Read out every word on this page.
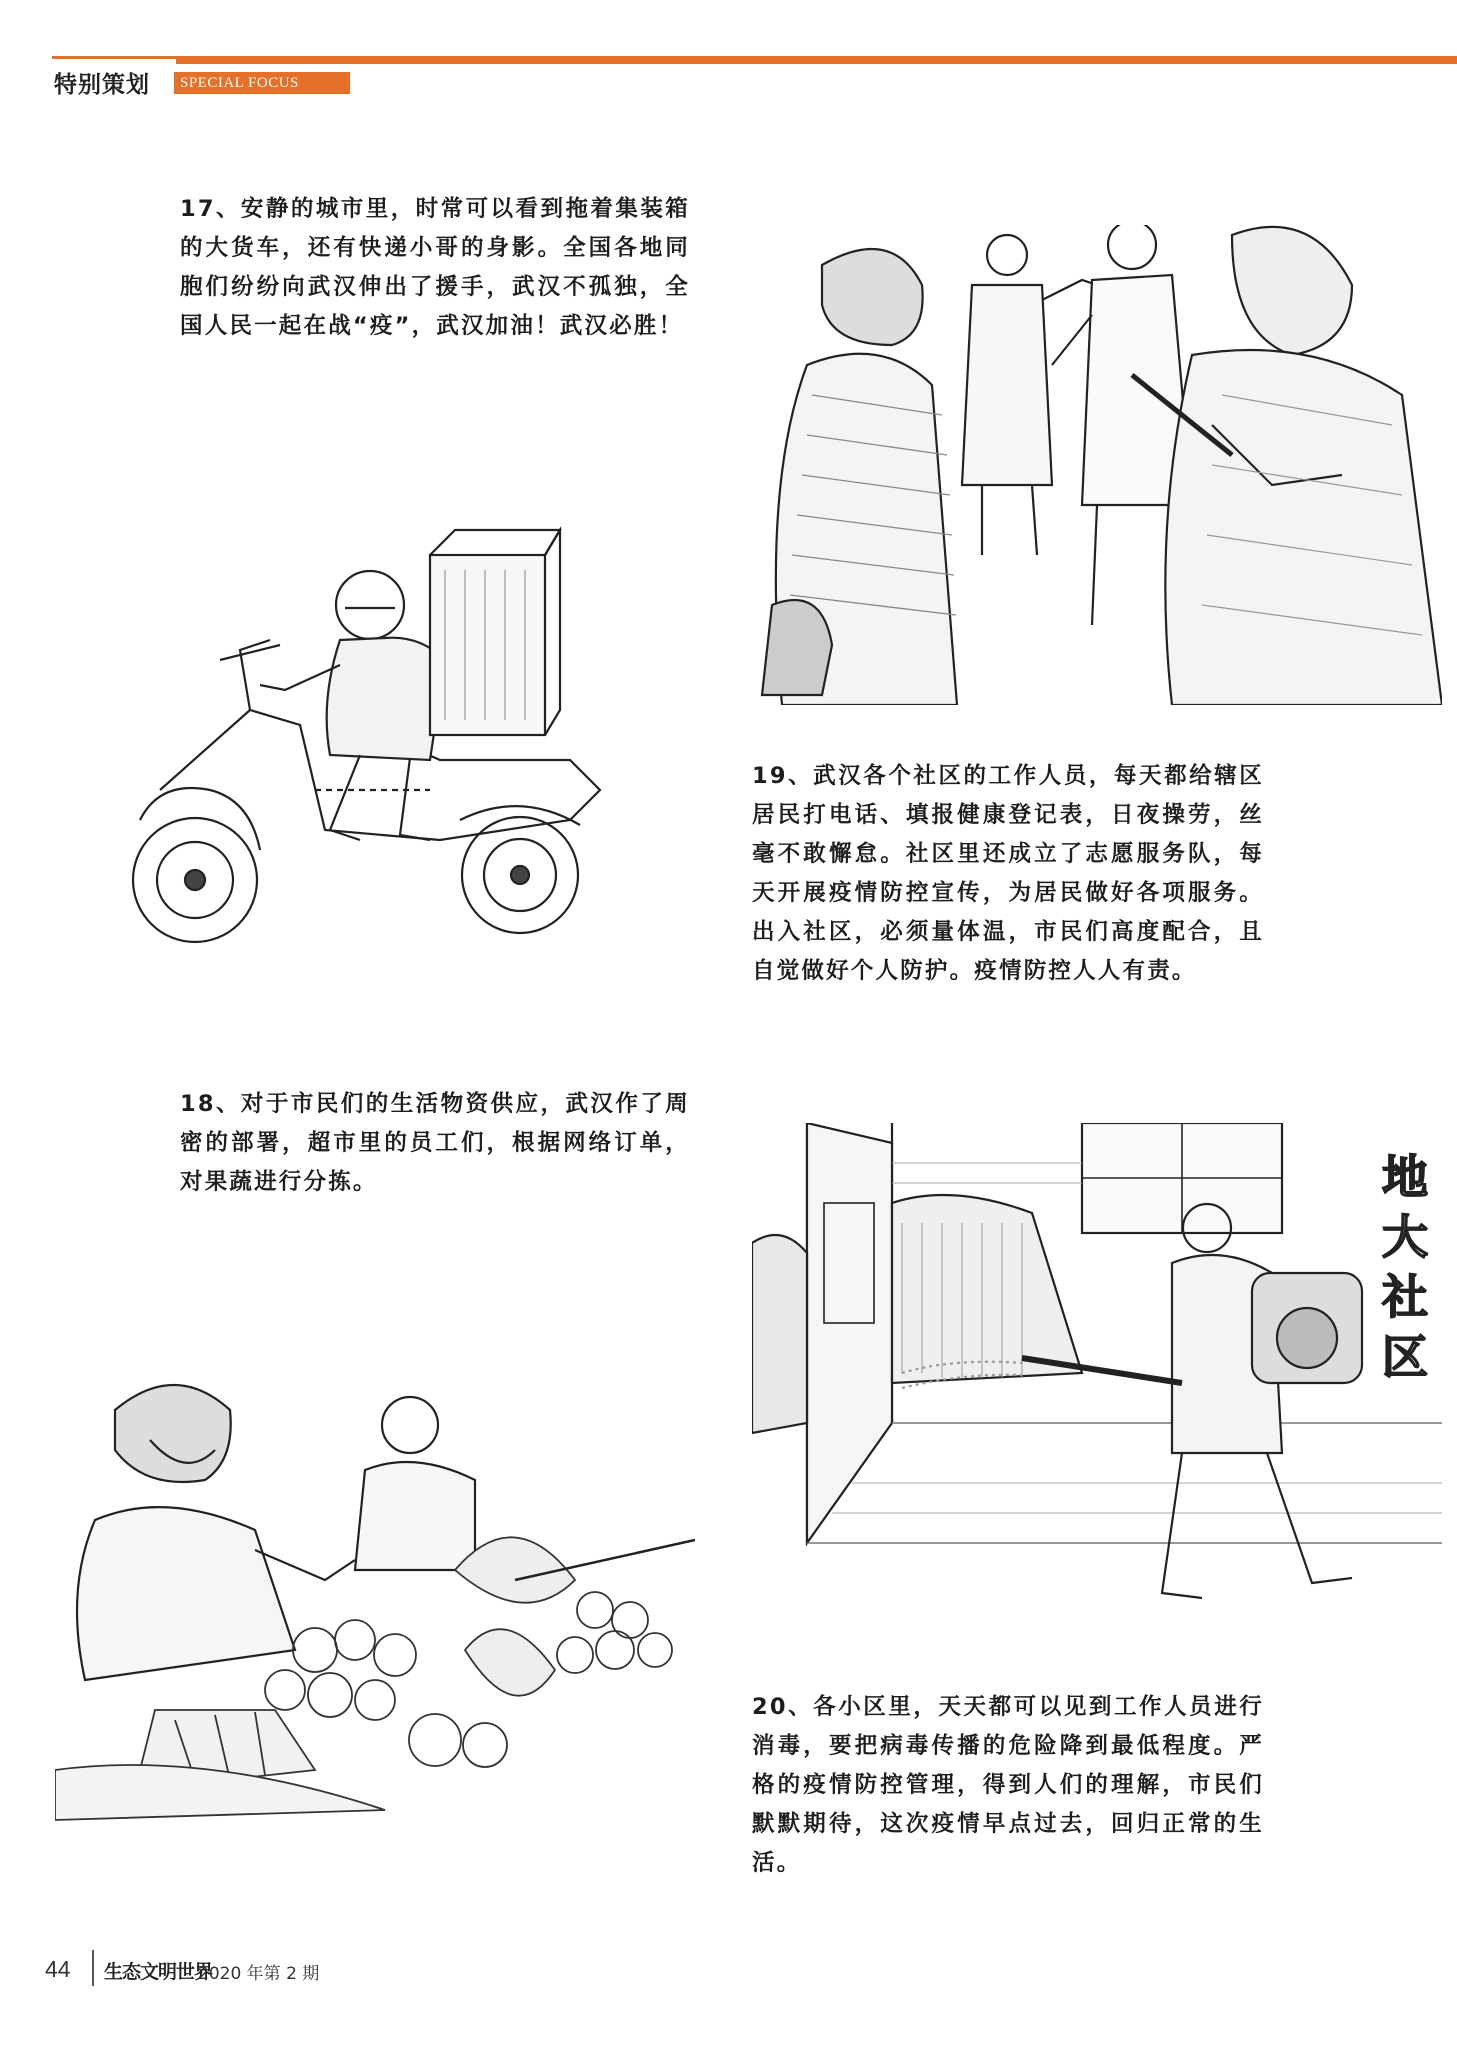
特别策划	SPECIAL FOCUS
17、安静的城市里，时常可以看到拖着集装箱的大货车，还有快递小哥的身影。全国各地同胞们纷纷向武汉伸出了援手，武汉不孤独，全国人民一起在战“疫”，武汉加油！武汉必胜！
19、武汉各个社区的工作人员，每天都给辖区居民打电话、填报健康登记表，日夜操劳，丝毫不敢懈怠。社区里还成立了志愿服务队，每天开展疫情防控宣传，为居民做好各项服务。出入社区，必须量体温，市民们高度配合，且自觉做好个人防护。疫情防控人人有责。
18、对于市民们的生活物资供应，武汉作了周密的部署，超市里的员工们，根据网络订单，对果蔬进行分拣。	地
大
社
区
20、各小区里，天天都可以见到工作人员进行消毒，要把病毒传播的危险降到最低程度。严格的疫情防控管理，得到人们的理解，市民们默默期待，这次疫情早点过去，回归正常的生活。
44 生态文明世界
2020 年第 2 期
